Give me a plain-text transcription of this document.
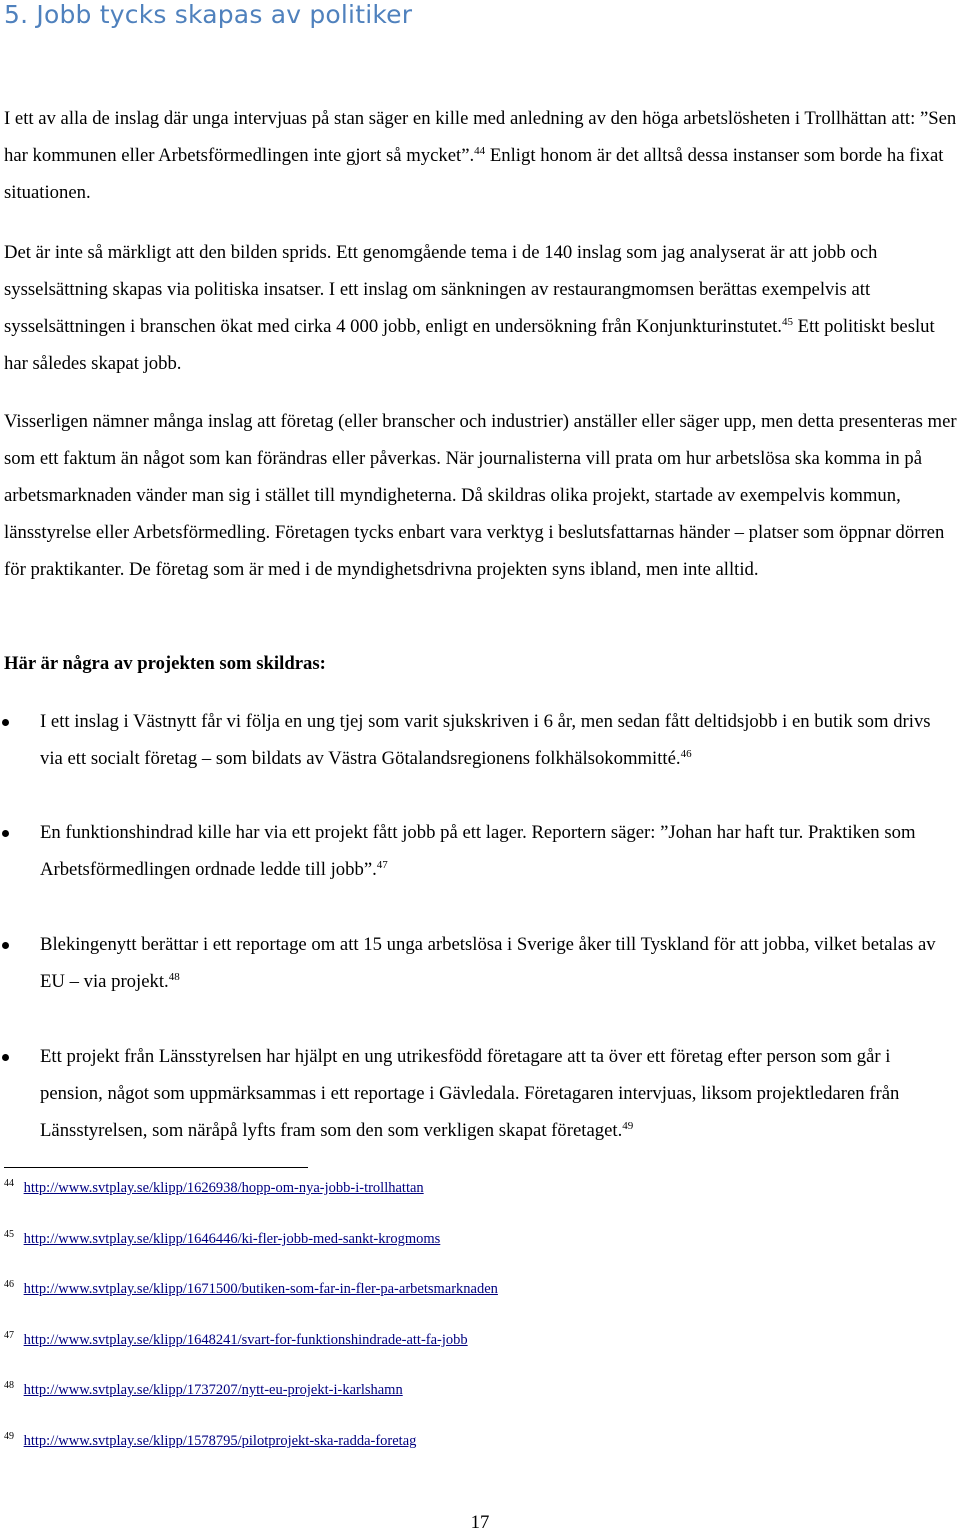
5. Jobb tycks skapas av politiker

I ett av alla de inslag där unga intervjuas på stan säger en kille med anledning av den höga arbetslösheten i Trollhättan att: ”Sen har kommunen eller Arbetsförmedlingen inte gjort så mycket”.$^{44}$ Enligt honom är det alltså dessa instanser som borde ha fixat situationen.

Det är inte så märkligt att den bilden sprids. Ett genomgående tema i de 140 inslag som jag analyserat är att jobb och sysselsättning skapas via politiska insatser. I ett inslag om sänkningen av restaurangmomsen berättas exempelvis att sysselsättningen i branschen ökat med cirka 4 000 jobb, enligt en undersökning från Konjunkturinstutet.$^{45}$ Ett politiskt beslut har således skapat jobb.

Visserligen nämner många inslag att företag (eller branscher och industrier) anställer eller säger upp, men detta presenteras mer som ett faktum än något som kan förändras eller påverkas. När journalisterna vill prata om hur arbetslösa ska komma in på arbetsmarknaden vänder man sig i stället till myndigheterna. Då skildras olika projekt, startade av exempelvis kommun, länsstyrelse eller Arbetsförmedling. Företagen tycks enbart vara verktyg i beslutsfattarnas händer – platser som öppnar dörren för praktikanter. De företag som är med i de myndighetsdrivna projekten syns ibland, men inte alltid.

Här är några av projekten som skildras:

I ett inslag i Västnytt får vi följa en ung tjej som varit sjukskriven i 6 år, men sedan fått deltidsjobb i en butik som drivs via ett socialt företag – som bildats av Västra Götalandsregionens folkhälsokommitté.$^{46}$

En funktionshindrad kille har via ett projekt fått jobb på ett lager. Reportern säger: ”Johan har haft tur. Praktiken som Arbetsförmedlingen ordnade ledde till jobb”.$^{47}$

Blekingenytt berättar i ett reportage om att 15 unga arbetslösa i Sverige åker till Tyskland för att jobba, vilket betalas av EU – via projekt.$^{48}$

Ett projekt från Länsstyrelsen har hjälpt en ung utrikesfödd företagare att ta över ett företag efter person som går i pension, något som uppmärksammas i ett reportage i Gävledala. Företagaren intervjuas, liksom projektledaren från Länsstyrelsen, som näråpå lyfts fram som den som verkligen skapat företaget.$^{49}$

$^{44}$ http://www.svtplay.se/klipp/1626938/hopp-om-nya-jobb-i-trollhattan
$^{45}$ http://www.svtplay.se/klipp/1646446/ki-fler-jobb-med-sankt-krogmoms
$^{46}$ http://www.svtplay.se/klipp/1671500/butiken-som-far-in-fler-pa-arbetsmarknaden
$^{47}$ http://www.svtplay.se/klipp/1648241/svart-for-funktionshindrade-att-fa-jobb
$^{48}$ http://www.svtplay.se/klipp/1737207/nytt-eu-projekt-i-karlshamn
$^{49}$ http://www.svtplay.se/klipp/1578795/pilotprojekt-ska-radda-foretag
17
